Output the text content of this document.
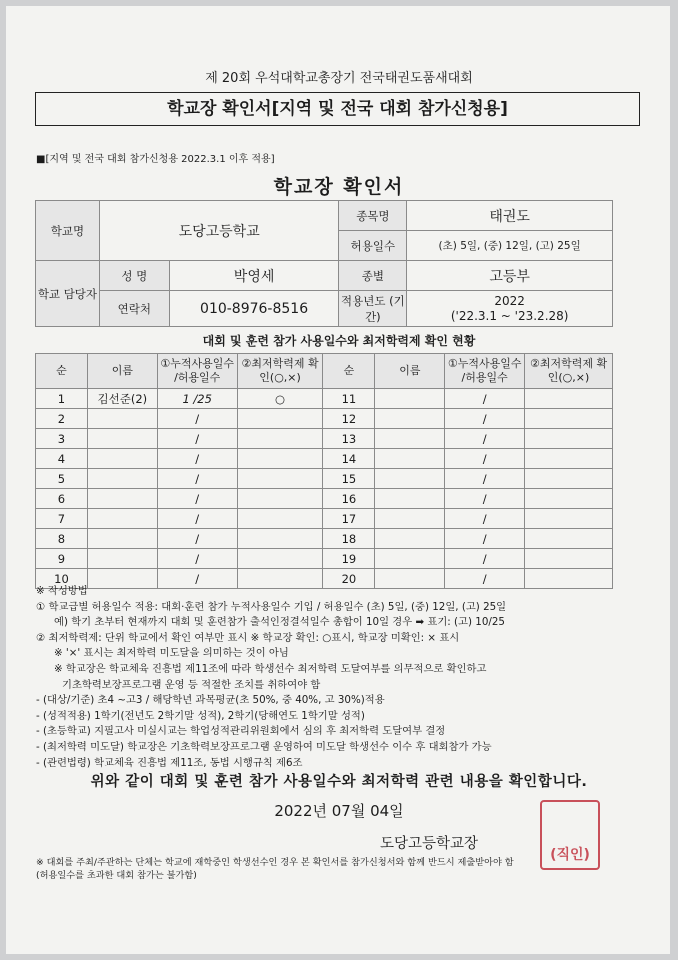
제 20회 우석대학교총장기 전국태권도품새대회
학교장 확인서[지역 및 전국 대회 참가신청용]
■[지역 및 전국 대회 참가신청용 2022.3.1 이후 적용]
학교장 확인서
학교명	도당고등학교		종목명	태권도
			허용일수	(초) 5일, (중) 12일, (고) 25일
학교 담당자	성 명	박영세	종별	고등부
	연락처	010-8976-8516	적용년도 (기간)	2022
('22.3.1 ~ '23.2.28)
대회 및 훈련 참가 사용일수와 최저학력제 확인 현황
순	이름	①누적사용일수 /허용일수	②최저학력제 확인(○,×)	순	이름	①누적사용일수 /허용일수	②최저학력제 확인(○,×)
1	김선준(2)	1 /25	○	11		/	
2		/		12		/	
3		/		13		/	
4		/		14		/	
5		/		15		/	
6		/		16		/	
7		/		17		/	
8		/		18		/	
9		/		19		/	
10		/		20		/	
※ 작성방법
① 학교급별 허용일수 적용: 대회·훈련 참가 누적사용일수 기입 / 허용일수 (초) 5일, (중) 12일, (고) 25일
예) 학기 초부터 현재까지 대회 및 훈련참가 출석인정결석일수 총합이 10일 경우 ➡ 표기: (고) 10/25
② 최저학력제: 단위 학교에서 확인 여부만 표시 ※ 학교장 확인: ○표시, 학교장 미확인: × 표시
※ '×' 표시는 최저학력 미도달을 의미하는 것이 아님
※ 학교장은 학교체육 진흥법 제11조에 따라 학생선수 최저학력 도달여부를 의무적으로 확인하고
기초학력보장프로그램 운영 등 적절한 조치를 취하여야 함
- (대상/기준) 초4 ~고3 / 해당학년 과목평균(초 50%, 중 40%, 고 30%)적용
- (성적적용) 1학기(전년도 2학기말 성적), 2학기(당해연도 1학기말 성적)
- (초등학교) 지필고사 미실시교는 학업성적관리위원회에서 심의 후 최저학력 도달여부 결정
- (최저학력 미도달) 학교장은 기초학력보장프로그램 운영하여 미도달 학생선수 이수 후 대회참가 가능
- (관련법령) 학교체육 진흥법 제11조, 동법 시행규칙 제6조
위와 같이 대회 및 훈련 참가 사용일수와 최저학력 관련 내용을 확인합니다.
2022년 07월 04일
도당고등학교장
(직인)
※ 대회를 주최/주관하는 단체는 학교에 재학중인 학생선수인 경우 본 확인서를 참가신청서와 함께 반드시 제출받아야 함
(허용일수를 초과한 대회 참가는 불가함)
